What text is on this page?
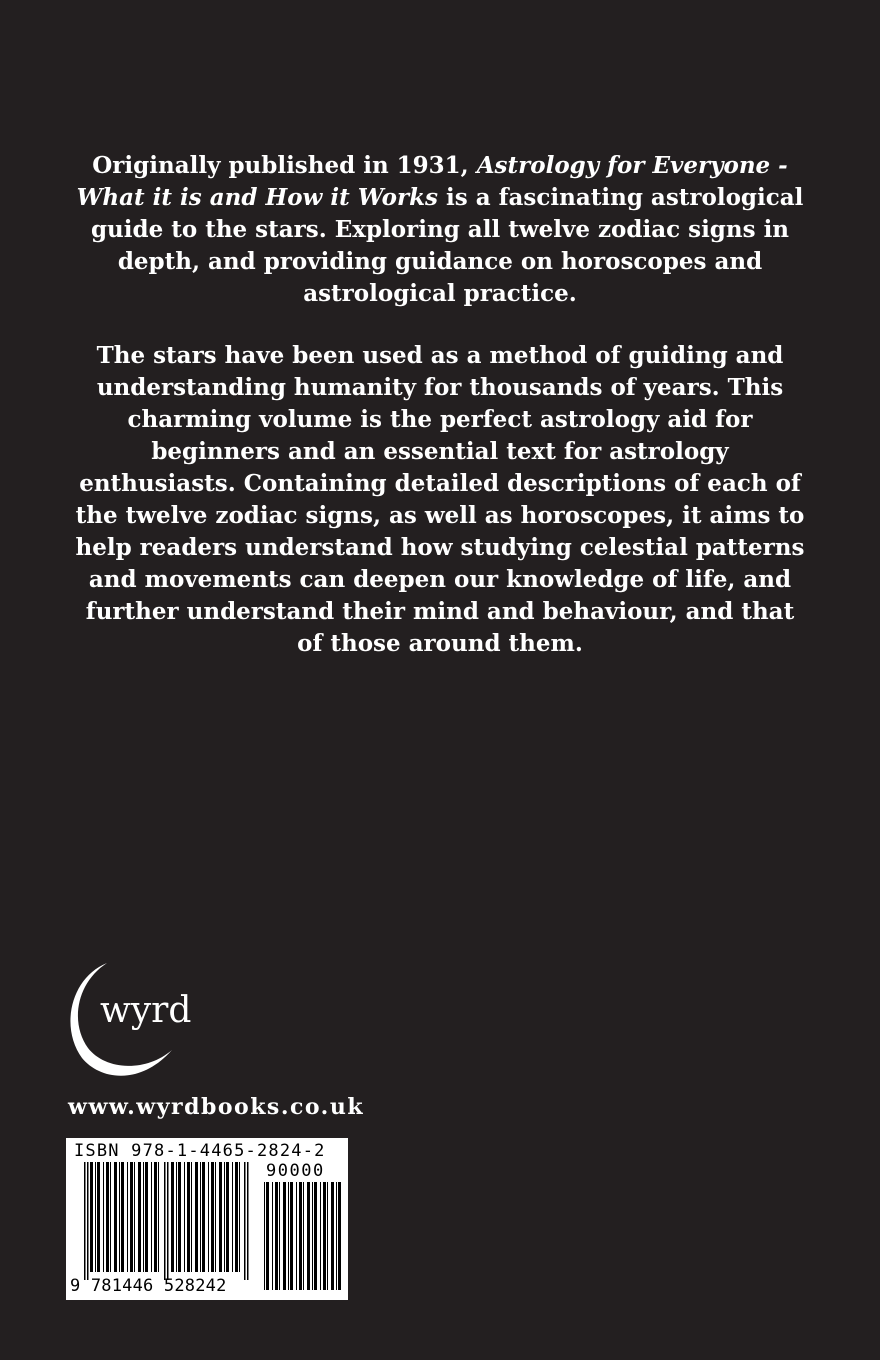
Originally published in 1931, Astrology for Everyone - What it is and How it Works is a fascinating astrological guide to the stars. Exploring all twelve zodiac signs in depth, and providing guidance on horoscopes and astrological practice.

The stars have been used as a method of guiding and understanding humanity for thousands of years. This charming volume is the perfect astrology aid for beginners and an essential text for astrology enthusiasts. Containing detailed descriptions of each of the twelve zodiac signs, as well as horoscopes, it aims to help readers understand how studying celestial patterns and movements can deepen our knowledge of life, and further understand their mind and behaviour, and that of those around them.

wyrd
www.wyrdbooks.co.uk
ISBN 978-1-4465-2824-2
90000
9 781446 528242
